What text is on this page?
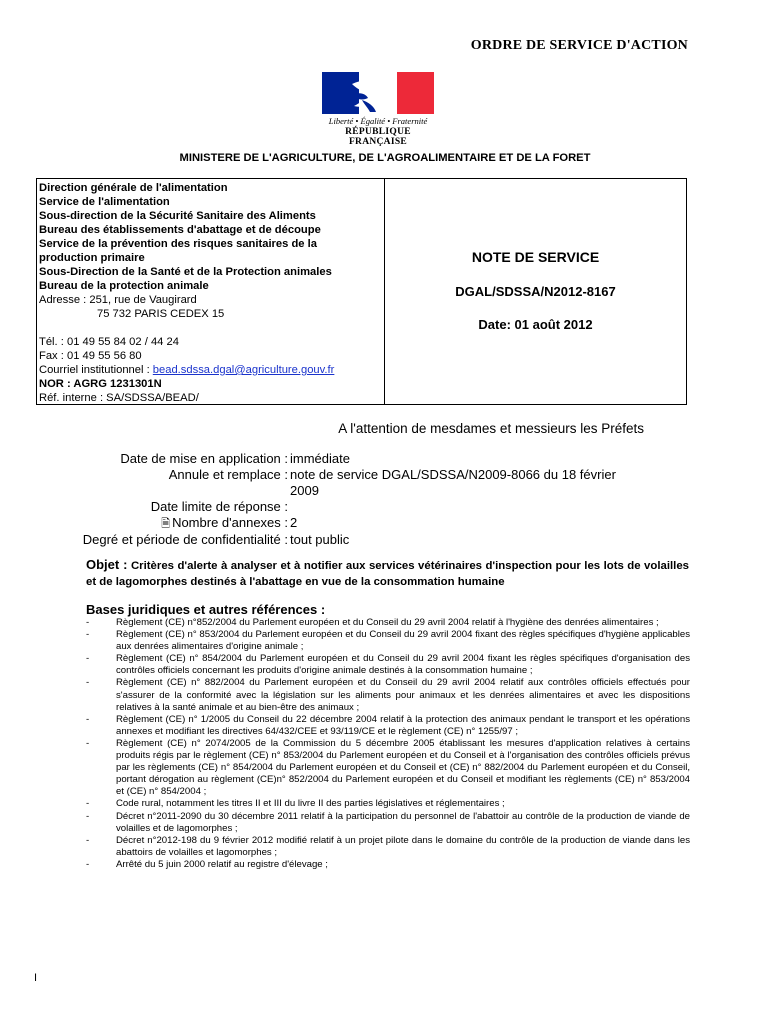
ORDRE DE SERVICE D'ACTION
Liberté • Égalité • Fraternité
RÉPUBLIQUE FRANÇAISE
MINISTERE DE L'AGRICULTURE, DE L'AGROALIMENTAIRE ET DE LA FORET
Direction générale de l'alimentation
Service de l'alimentation
Sous-direction de la Sécurité Sanitaire des Aliments
Bureau des établissements d'abattage et de découpe
Service de la prévention des risques sanitaires de la
production primaire
Sous-Direction de la Santé et de la Protection animales
Bureau de la protection animale
Adresse : 251, rue de Vaugirard
75 732 PARIS CEDEX 15
Tél. : 01 49 55 84 02 / 44 24
Fax : 01 49 55 56 80
Courriel institutionnel : bead.sdssa.dgal@agriculture.gouv.fr
NOR : AGRG 1231301N
Réf. interne : SA/SDSSA/BEAD/
NOTE DE SERVICE
DGAL/SDSSA/N2012-8167
Date: 01 août 2012
A l'attention de mesdames et messieurs les Préfets
Date de mise en application : immédiate
Annule et remplace : note de service DGAL/SDSSA/N2009-8066 du 18 février
2009
Date limite de réponse :
🗎 Nombre d'annexes : 2
Degré et période de confidentialité : tout public
Objet : Critères d'alerte à analyser et à notifier aux services vétérinaires d'inspection pour les lots de volailles et de lagomorphes destinés à l'abattage en vue de la consommation humaine
Bases juridiques et autres références :
-	Règlement (CE) n°852/2004 du Parlement européen et du Conseil du 29 avril 2004 relatif à l'hygiène des denrées alimentaires ;
-	Règlement (CE) n° 853/2004 du Parlement européen et du Conseil du 29 avril 2004 fixant des règles spécifiques d'hygiène applicables aux denrées alimentaires d'origine animale ;
-	Règlement (CE) n° 854/2004 du Parlement européen et du Conseil du 29 avril 2004 fixant les règles spécifiques d'organisation des contrôles officiels concernant les produits d'origine animale destinés à la consommation humaine ;
-	Règlement (CE) n° 882/2004 du Parlement européen et du Conseil du 29 avril 2004 relatif aux contrôles officiels effectués pour s'assurer de la conformité avec la législation sur les aliments pour animaux et les denrées alimentaires et avec les dispositions relatives à la santé animale et au bien-être des animaux ;
-	Règlement (CE) n° 1/2005 du Conseil du 22 décembre 2004 relatif à la protection des animaux pendant le transport et les opérations annexes et modifiant les directives 64/432/CEE et 93/119/CE et le règlement (CE) n° 1255/97 ;
-	Règlement (CE) n° 2074/2005 de la Commission du 5 décembre 2005 établissant les mesures d'application relatives à certains produits régis par le règlement (CE) n° 853/2004 du Parlement européen et du Conseil et à l'organisation des contrôles officiels prévus par les règlements (CE) n° 854/2004 du Parlement européen et du Conseil et (CE) n° 882/2004 du Parlement européen et du Conseil, portant dérogation au règlement (CE)n° 852/2004 du Parlement européen et du Conseil et modifiant les règlements (CE) n° 853/2004 et (CE) n° 854/2004 ;
-	Code rural, notamment les titres II et III du livre II des parties législatives et réglementaires ;
-	Décret n°2011-2090 du 30 décembre 2011 relatif à la participation du personnel de l'abattoir au contrôle de la production de viande de volailles et de lagomorphes ;
-	Décret n°2012-198 du 9 février 2012 modifié relatif à un projet pilote dans le domaine du contrôle de la production de viande dans les abattoirs de volailles et lagomorphes ;
-	Arrêté du 5 juin 2000 relatif au registre d'élevage ;
I
